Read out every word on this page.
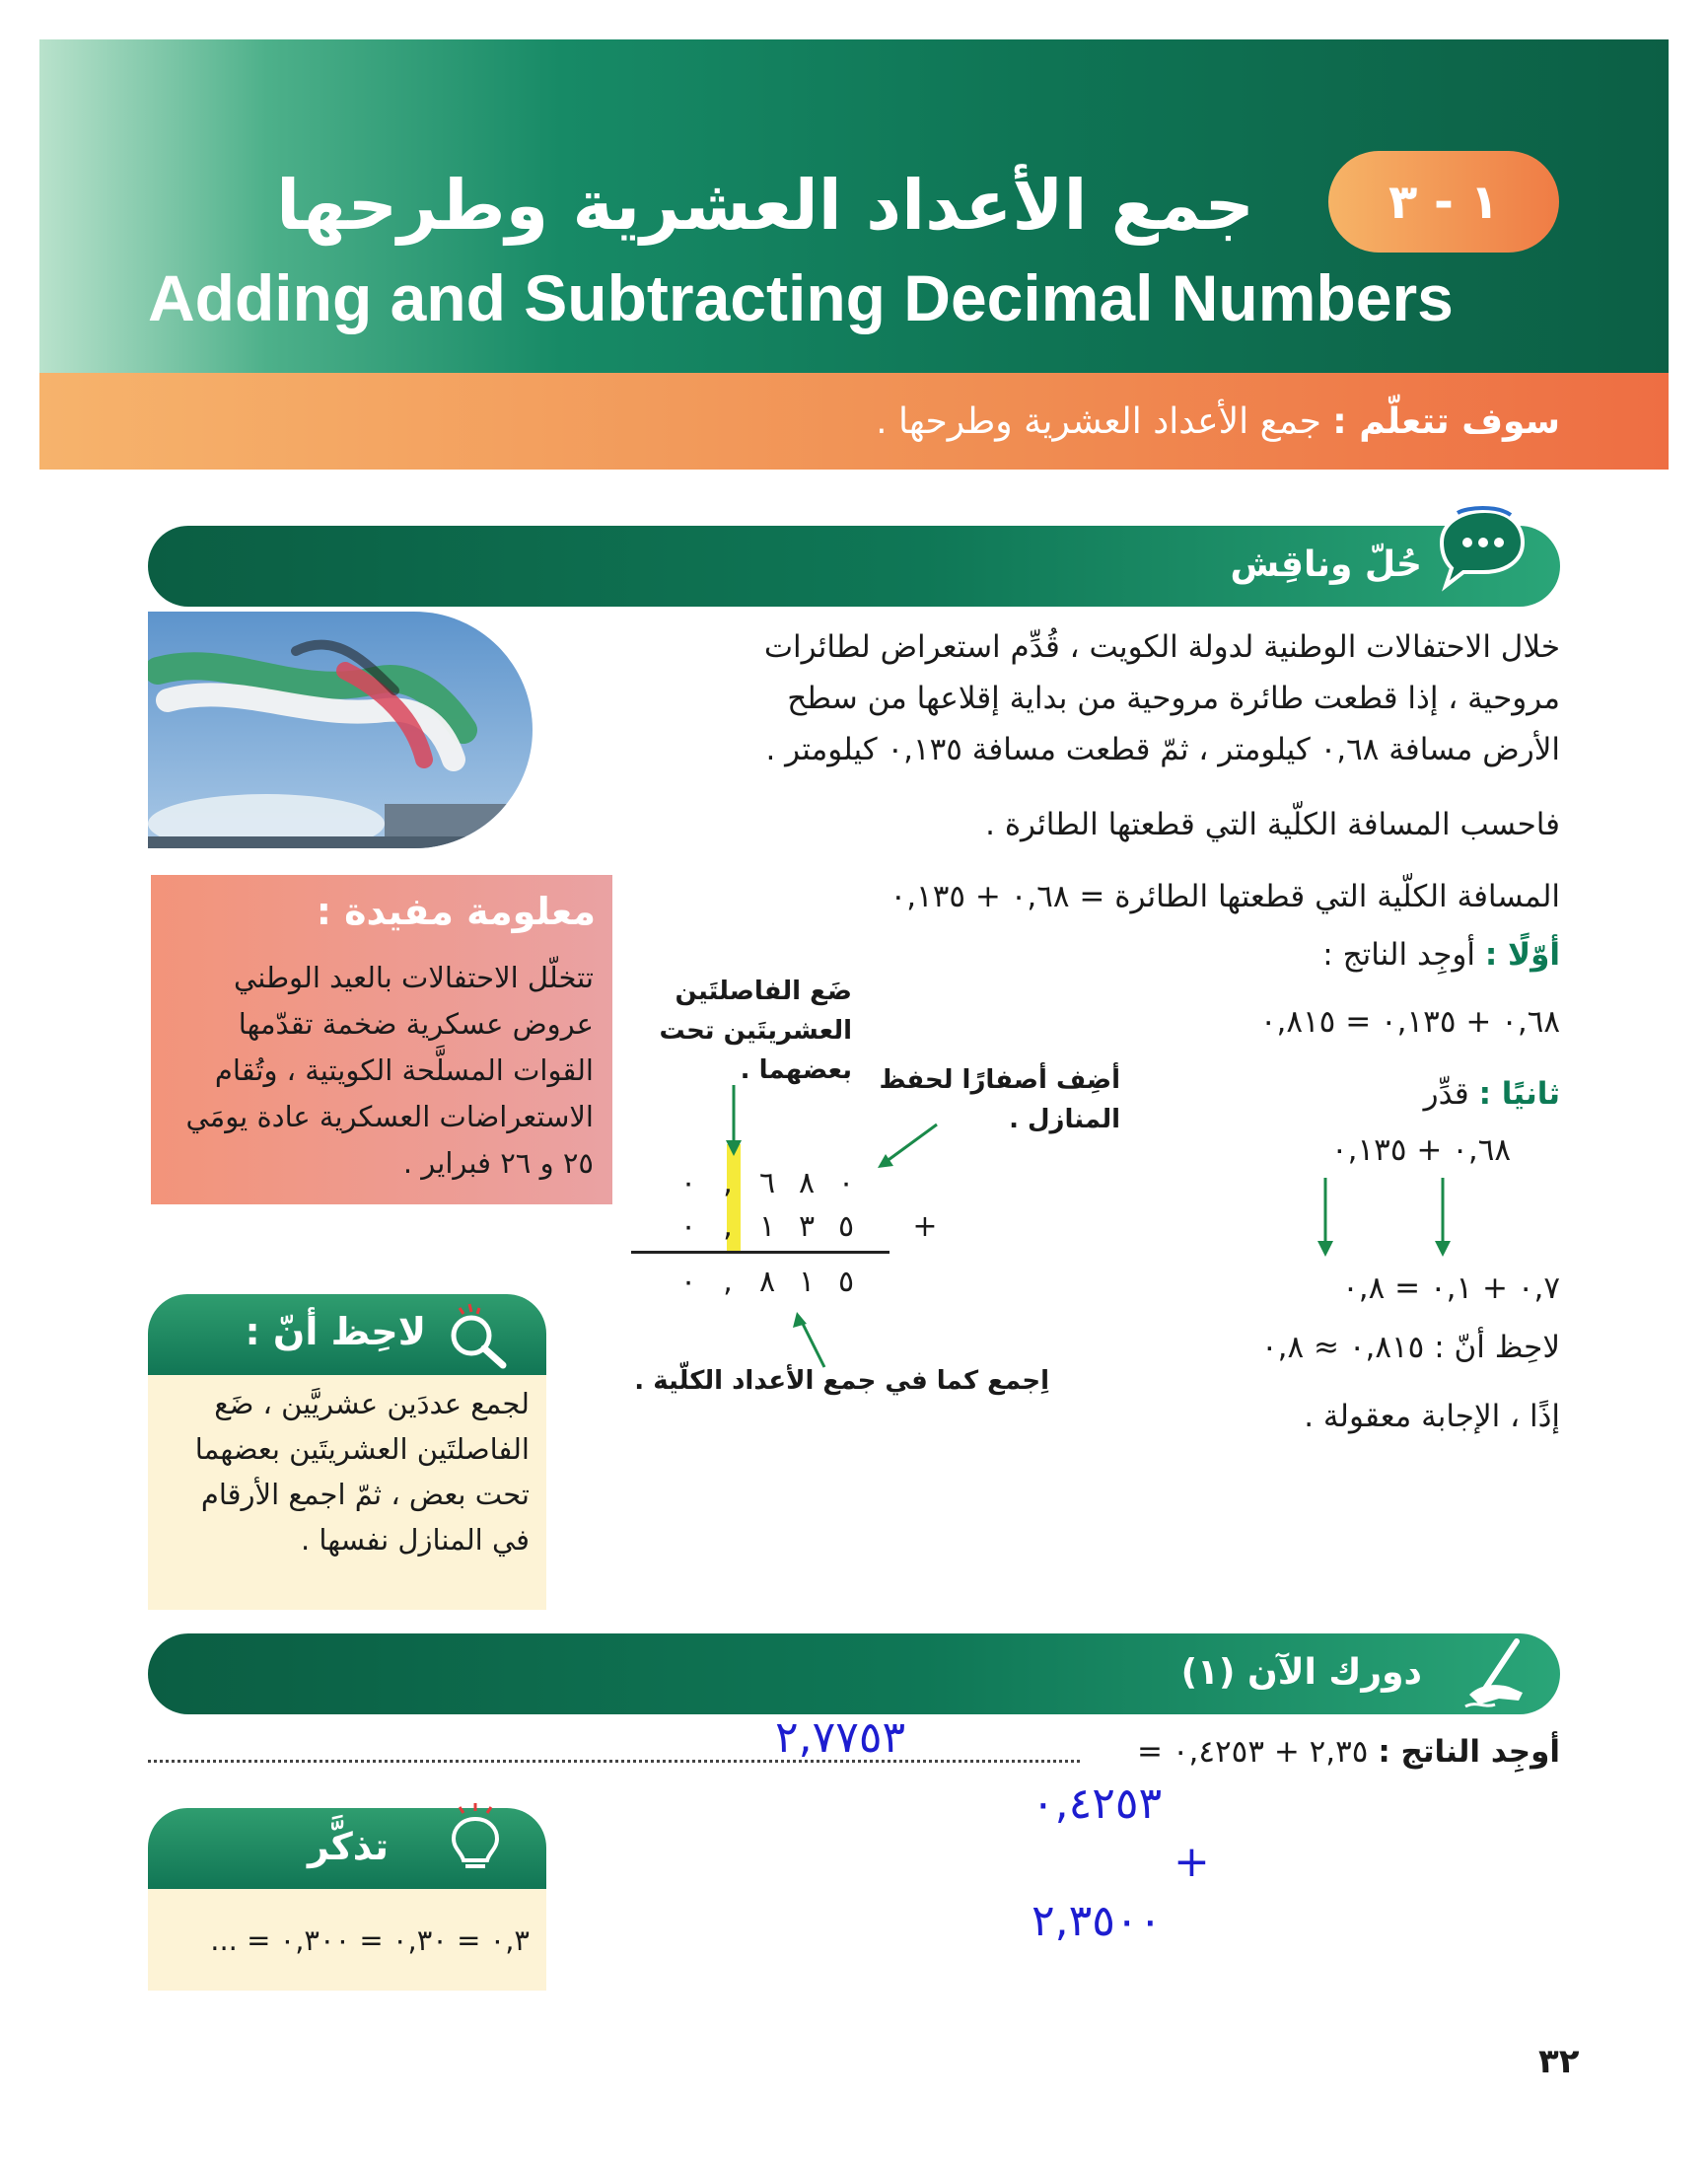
١ - ٣
جمع الأعداد العشرية وطرحها
Adding and Subtracting Decimal Numbers
سوف تتعلّم : جمع الأعداد العشرية وطرحها .
حُلّ وناقِش
خلال الاحتفالات الوطنية لدولة الكويت ، قُدِّم استعراض لطائرات مروحية ، إذا قطعت طائرة مروحية من بداية إقلاعها من سطح الأرض مسافة ٠,٦٨ كيلومتر ، ثمّ قطعت مسافة ٠,١٣٥ كيلومتر .
فاحسب المسافة الكلّية التي قطعتها الطائرة .
المسافة الكلّية التي قطعتها الطائرة = ٠,٦٨ + ٠,١٣٥
أوّلًا : أوجِد الناتج :
٠,٦٨ + ٠,١٣٥ = ٠,٨١٥
ثانيًا : قدِّر
٠,٦٨ + ٠,١٣٥
٠,٧ + ٠,١ = ٠,٨
لاحِظ أنّ : ٠,٨١٥ ≈ ٠,٨
إذًا ، الإجابة معقولة .
٠ , ٦ ٨ ٠
٠ , ١ ٣ ٥	+
٠ , ٨ ١ ٥
ضَع الفاصلتَين العشريتَين تحت بعضهما .	أضِف أصفارًا لحفظ المنازل .
اِجمع كما في جمع الأعداد الكلّية .
معلومة مفيدة :
تتخلّل الاحتفالات بالعيد الوطني عروض عسكرية ضخمة تقدّمها القوات المسلَّحة الكويتية ، وتُقام الاستعراضات العسكرية عادة يومَي ٢٥ و ٢٦ فبراير .
لاحِظ أنّ :
لجمع عددَين عشريَّين ، ضَع الفاصلتَين العشريتَين بعضهما تحت بعض ، ثمّ اجمع الأرقام في المنازل نفسها .
دورك الآن (١)
أوجِد الناتج : ٢,٣٥ + ٠,٤٢٥٣ =
٢,٧٧٥٣
٠,٤٢٥٣
+
٢,٣٥٠٠
تذكَّر
٠,٣ = ٠,٣٠ = ٠,٣٠٠ = ...
٣٢
